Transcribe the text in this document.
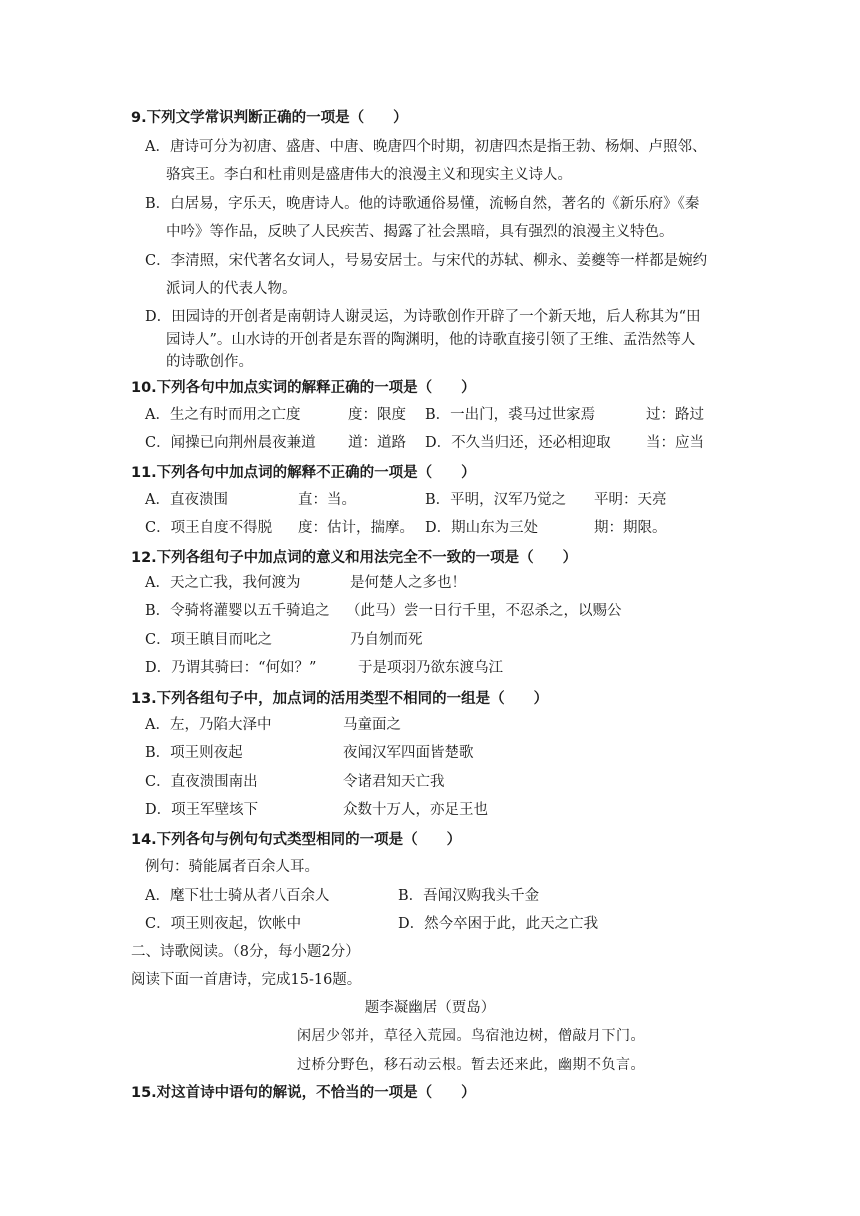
9.下列文学常识判断正确的一项是（　　）
A．唐诗可分为初唐、盛唐、中唐、晚唐四个时期，初唐四杰是指王勃、杨炯、卢照邻、
骆宾王。李白和杜甫则是盛唐伟大的浪漫主义和现实主义诗人。
B．白居易，字乐天，晚唐诗人。他的诗歌通俗易懂，流畅自然，著名的《新乐府》《秦
中吟》等作品，反映了人民疾苦、揭露了社会黑暗，具有强烈的浪漫主义特色。
C．李清照，宋代著名女词人，号易安居士。与宋代的苏轼、柳永、姜夔等一样都是婉约
派词人的代表人物。
D．田园诗的开创者是南朝诗人谢灵运，为诗歌创作开辟了一个新天地，后人称其为“田
园诗人”。山水诗的开创者是东晋的陶渊明，他的诗歌直接引领了王维、孟浩然等人
的诗歌创作。
10.下列各句中加点实词的解释正确的一项是（　　）
A．生之有时而用之亡度	度：限度 B．一出门，裘马过世家焉	过：路过
C．闻操已向荆州晨夜兼道 道：道路 D．不久当归还，还必相迎取 当：应当
11.下列各句中加点词的解释不正确的一项是（　　）
A．直夜溃围	直：当。	B．平明，汉军乃觉之 平明：天亮
C．项王自度不得脱 度：估计，揣摩。 D．期山东为三处	期：期限。
12.下列各组句子中加点词的意义和用法完全不一致的一项是（　　）
A．天之亡我，我何渡为	是何楚人之多也！
B．令骑将灌婴以五千骑追之 （此马）尝一日行千里，不忍杀之，以赐公
C．项王瞋目而叱之	乃自刎而死
D．乃谓其骑曰：“何如？”	于是项羽乃欲东渡乌江
13.下列各组句子中，加点词的活用类型不相同的一组是（　　）
A．左，乃陷大泽中	马童面之
B．项王则夜起	夜闻汉军四面皆楚歌
C．直夜溃围南出	令诸君知天亡我
D．项王军壁垓下	众数十万人，亦足王也
14.下列各句与例句句式类型相同的一项是（　　）
例句：骑能属者百余人耳。
A．麾下壮士骑从者八百余人	B．吾闻汉购我头千金
C．项王则夜起，饮帐中	D．然今卒困于此，此天之亡我
二、诗歌阅读。（8分，每小题2分）
阅读下面一首唐诗，完成15-16题。
题李凝幽居（贾岛）
闲居少邻并，草径入荒园。鸟宿池边树，僧敲月下门。
过桥分野色，移石动云根。暂去还来此，幽期不负言。
15.对这首诗中语句的解说，不恰当的一项是（　　）
